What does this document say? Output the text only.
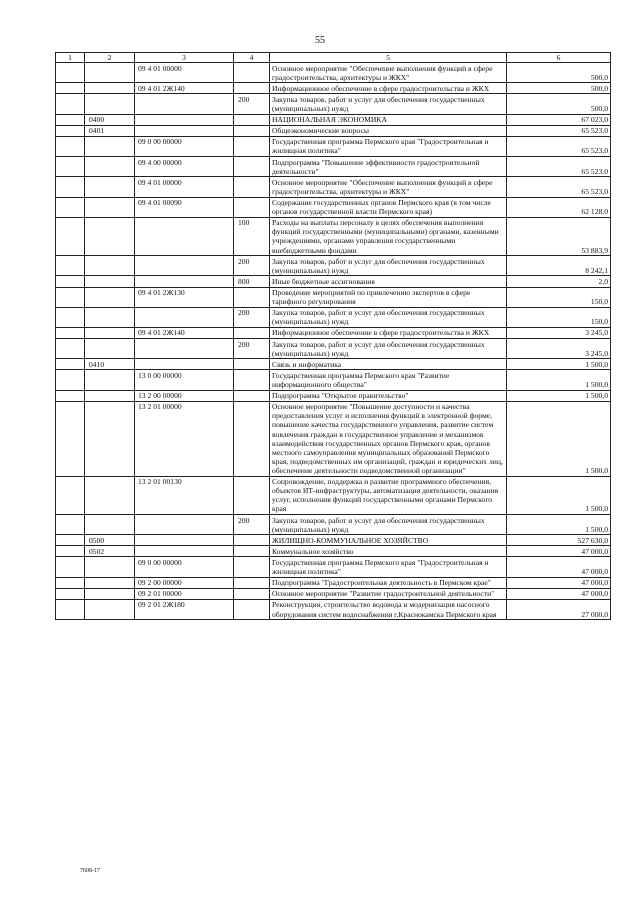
55
1	2	3	4	5	6
		09 4 01 00000		Основное мероприятие "Обеспечение выполнения функций в сфере градостроительства, архитектуры и ЖКХ"	500,0
		09 4 01 2Ж140		Информационное обеспечение в сфере градостроительства и ЖКХ	500,0
			200	Закупка товаров, работ и услуг для обеспечения государственных (муниципальных) нужд	500,0
	0400			НАЦИОНАЛЬНАЯ ЭКОНОМИКА	67 023,0
	0401			Общеэкономические вопросы	65 523,0
		09 0 00 00000		Государственная программа Пермского края "Градостроительная и жилищная политика"	65 523,0
		09 4 00 00000		Подпрограмма "Повышение эффективности градостроительной деятельности"	65 523,0
		09 4 01 00000		Основное мероприятие "Обеспечение выполнения функций в сфере градостроительства, архитектуры и ЖКХ"	65 523,0
		09 4 01 00090		Содержание государственных органов Пермского края (в том числе органов государственной власти Пермского края)	62 128,0
			100	Расходы на выплаты персоналу в целях обеспечения выполнения функций государственными (муниципальными) органами, казенными учреждениями, органами управления государственными внебюджетными фондами	53 883,9
			200	Закупка товаров, работ и услуг для обеспечения государственных (муниципальных) нужд	8 242,1
			800	Иные бюджетные ассигнования	2,0
		09 4 01 2Ж130		Проведение мероприятий по привлечению экспертов в сфере тарифного регулирования	150,0
			200	Закупка товаров, работ и услуг для обеспечения государственных (муниципальных) нужд	150,0
		09 4 01 2Ж140		Информационное обеспечение в сфере градостроительства и ЖКХ	3 245,0
			200	Закупка товаров, работ и услуг для обеспечения государственных (муниципальных) нужд	3 245,0
	0410			Связь и информатика	1 500,0
		13 0 00 00000		Государственная программа Пермского края "Развитие информационного общества"	1 500,0
		13 2 00 00000		Подпрограмма "Открытое правительство"	1 500,0
		13 2 01 00000		Основное мероприятие "Повышение доступности и качества предоставления услуг и исполнения функций в электронной форме, повышение качества государственного управления, развитие систем вовлечения граждан в государственное управление и механизмов взаимодействия государственных органов Пермского края, органов местного самоуправления муниципальных образований Пермского края, подведомственных им организаций, граждан и юридических лиц, обеспечение деятельности подведомственной организации"	1 500,0
		13 2 01 00130		Сопровождение, поддержка и развитие программного обеспечения, объектов ИТ-инфраструктуры, автоматизация деятельности, оказания услуг, исполнения функций государственными органами Пермского края	1 500,0
			200	Закупка товаров, работ и услуг для обеспечения государственных (муниципальных) нужд	1 500,0
	0500			ЖИЛИЩНО-КОММУНАЛЬНОЕ ХОЗЯЙСТВО	527 630,0
	0502			Коммунальное хозяйство	47 000,0
		09 0 00 00000		Государственная программа Пермского края "Градостроительная и жилищная политика"	47 000,0
		09 2 00 00000		Подпрограмма "Градостроительная деятельность в Пермском крае"	47 000,0
		09 2 01 00000		Основное мероприятие "Развитие градостроительной деятельности"	47 000,0
		09 2 01 2Ж180		Реконструкция, строительство водовода и модернизация насосного оборудования систем водоснабжения г.Краснокамска Пермского края	27 000,0
7608-17
